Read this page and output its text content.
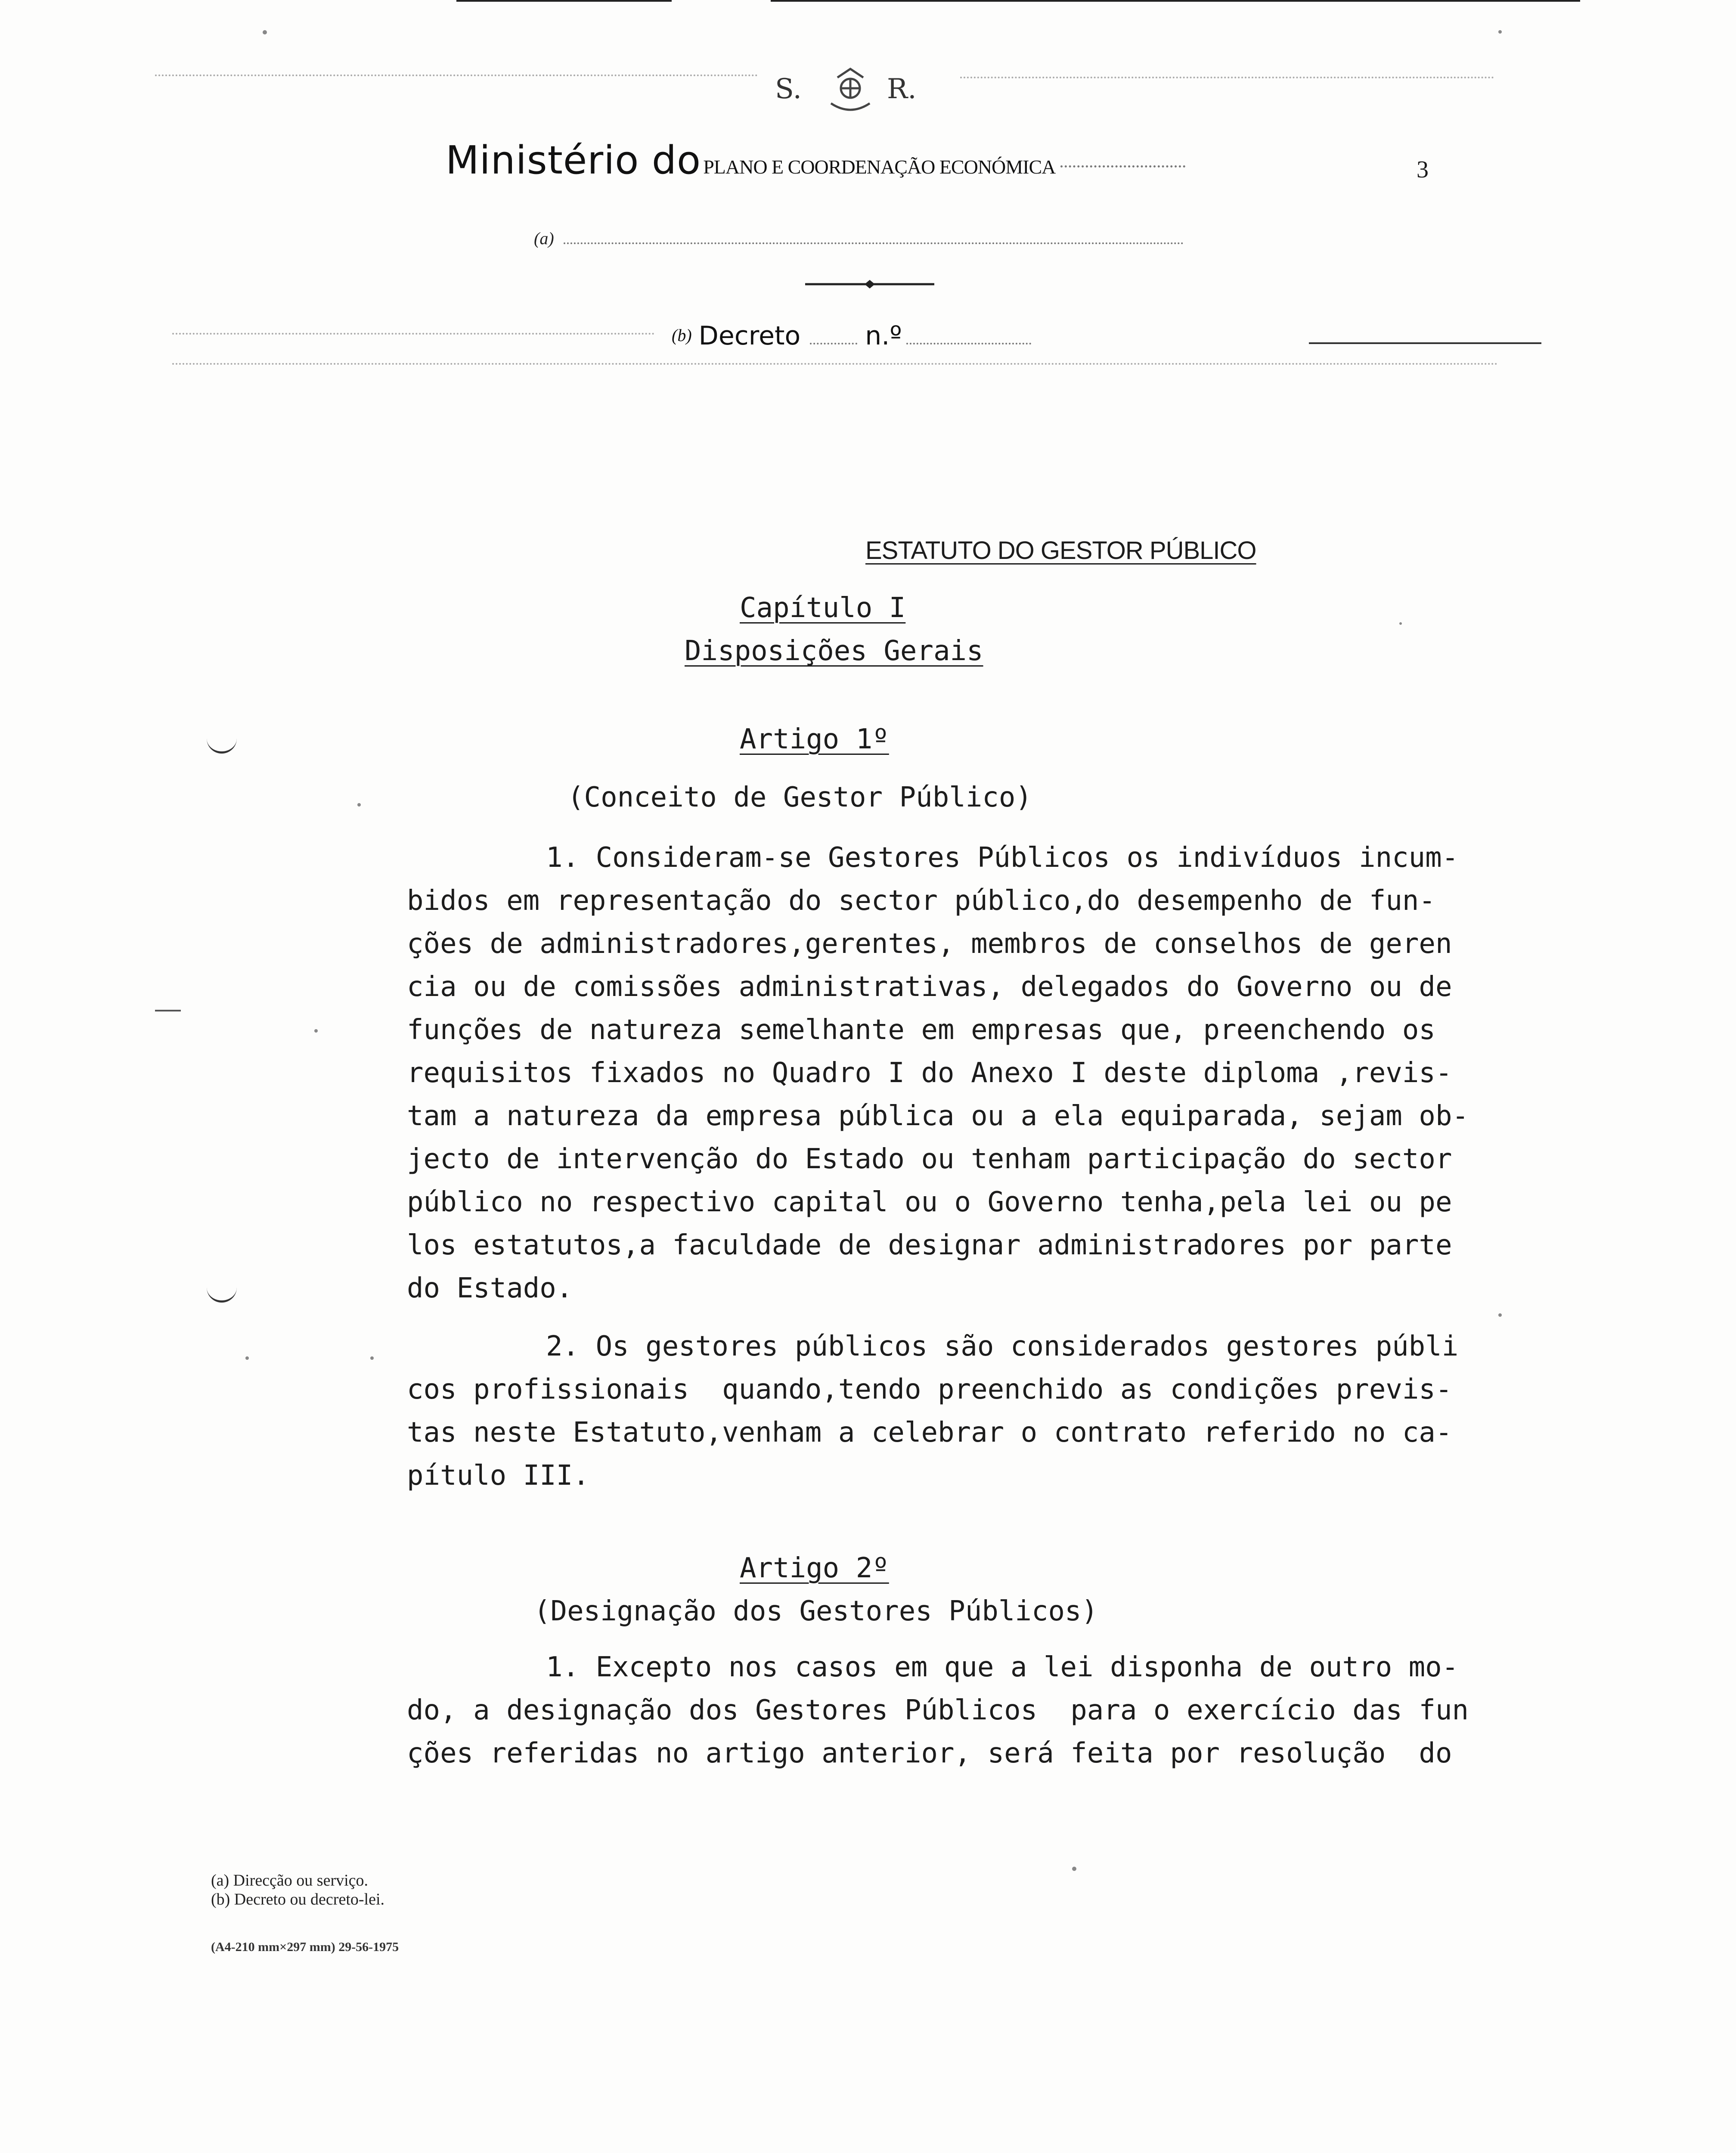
S.	R.
Ministério do PLANO E COORDENAÇÃO ECONÓMICA	3
(a)
(b) Decreto	n.º
ESTATUTO DO GESTOR PÚBLICO
Capítulo I
Disposições Gerais
Artigo 1º
(Conceito de Gestor Público)
1. Consideram-se Gestores Públicos os indivíduos incum-
bidos em representação do sector público,do desempenho de fun-
ções de administradores,gerentes, membros de conselhos de geren
cia ou de comissões administrativas, delegados do Governo ou de
funções de natureza semelhante em empresas que, preenchendo os
requisitos fixados no Quadro I do Anexo I deste diploma ,revis-
tam a natureza da empresa pública ou a ela equiparada, sejam ob-
jecto de intervenção do Estado ou tenham participação do sector
público no respectivo capital ou o Governo tenha,pela lei ou pe
los estatutos,a faculdade de designar administradores por parte
do Estado.
2. Os gestores públicos são considerados gestores públi
cos profissionais  quando,tendo preenchido as condições previs-
tas neste Estatuto,venham a celebrar o contrato referido no ca-
pítulo III.
Artigo 2º
(Designação dos Gestores Públicos)
1. Excepto nos casos em que a lei disponha de outro mo-
do, a designação dos Gestores Públicos  para o exercício das fun
ções referidas no artigo anterior, será feita por resolução  do
(a) Direcção ou serviço.
(b) Decreto ou decreto-lei.
(A4-210 mm×297 mm) 29-56-1975
